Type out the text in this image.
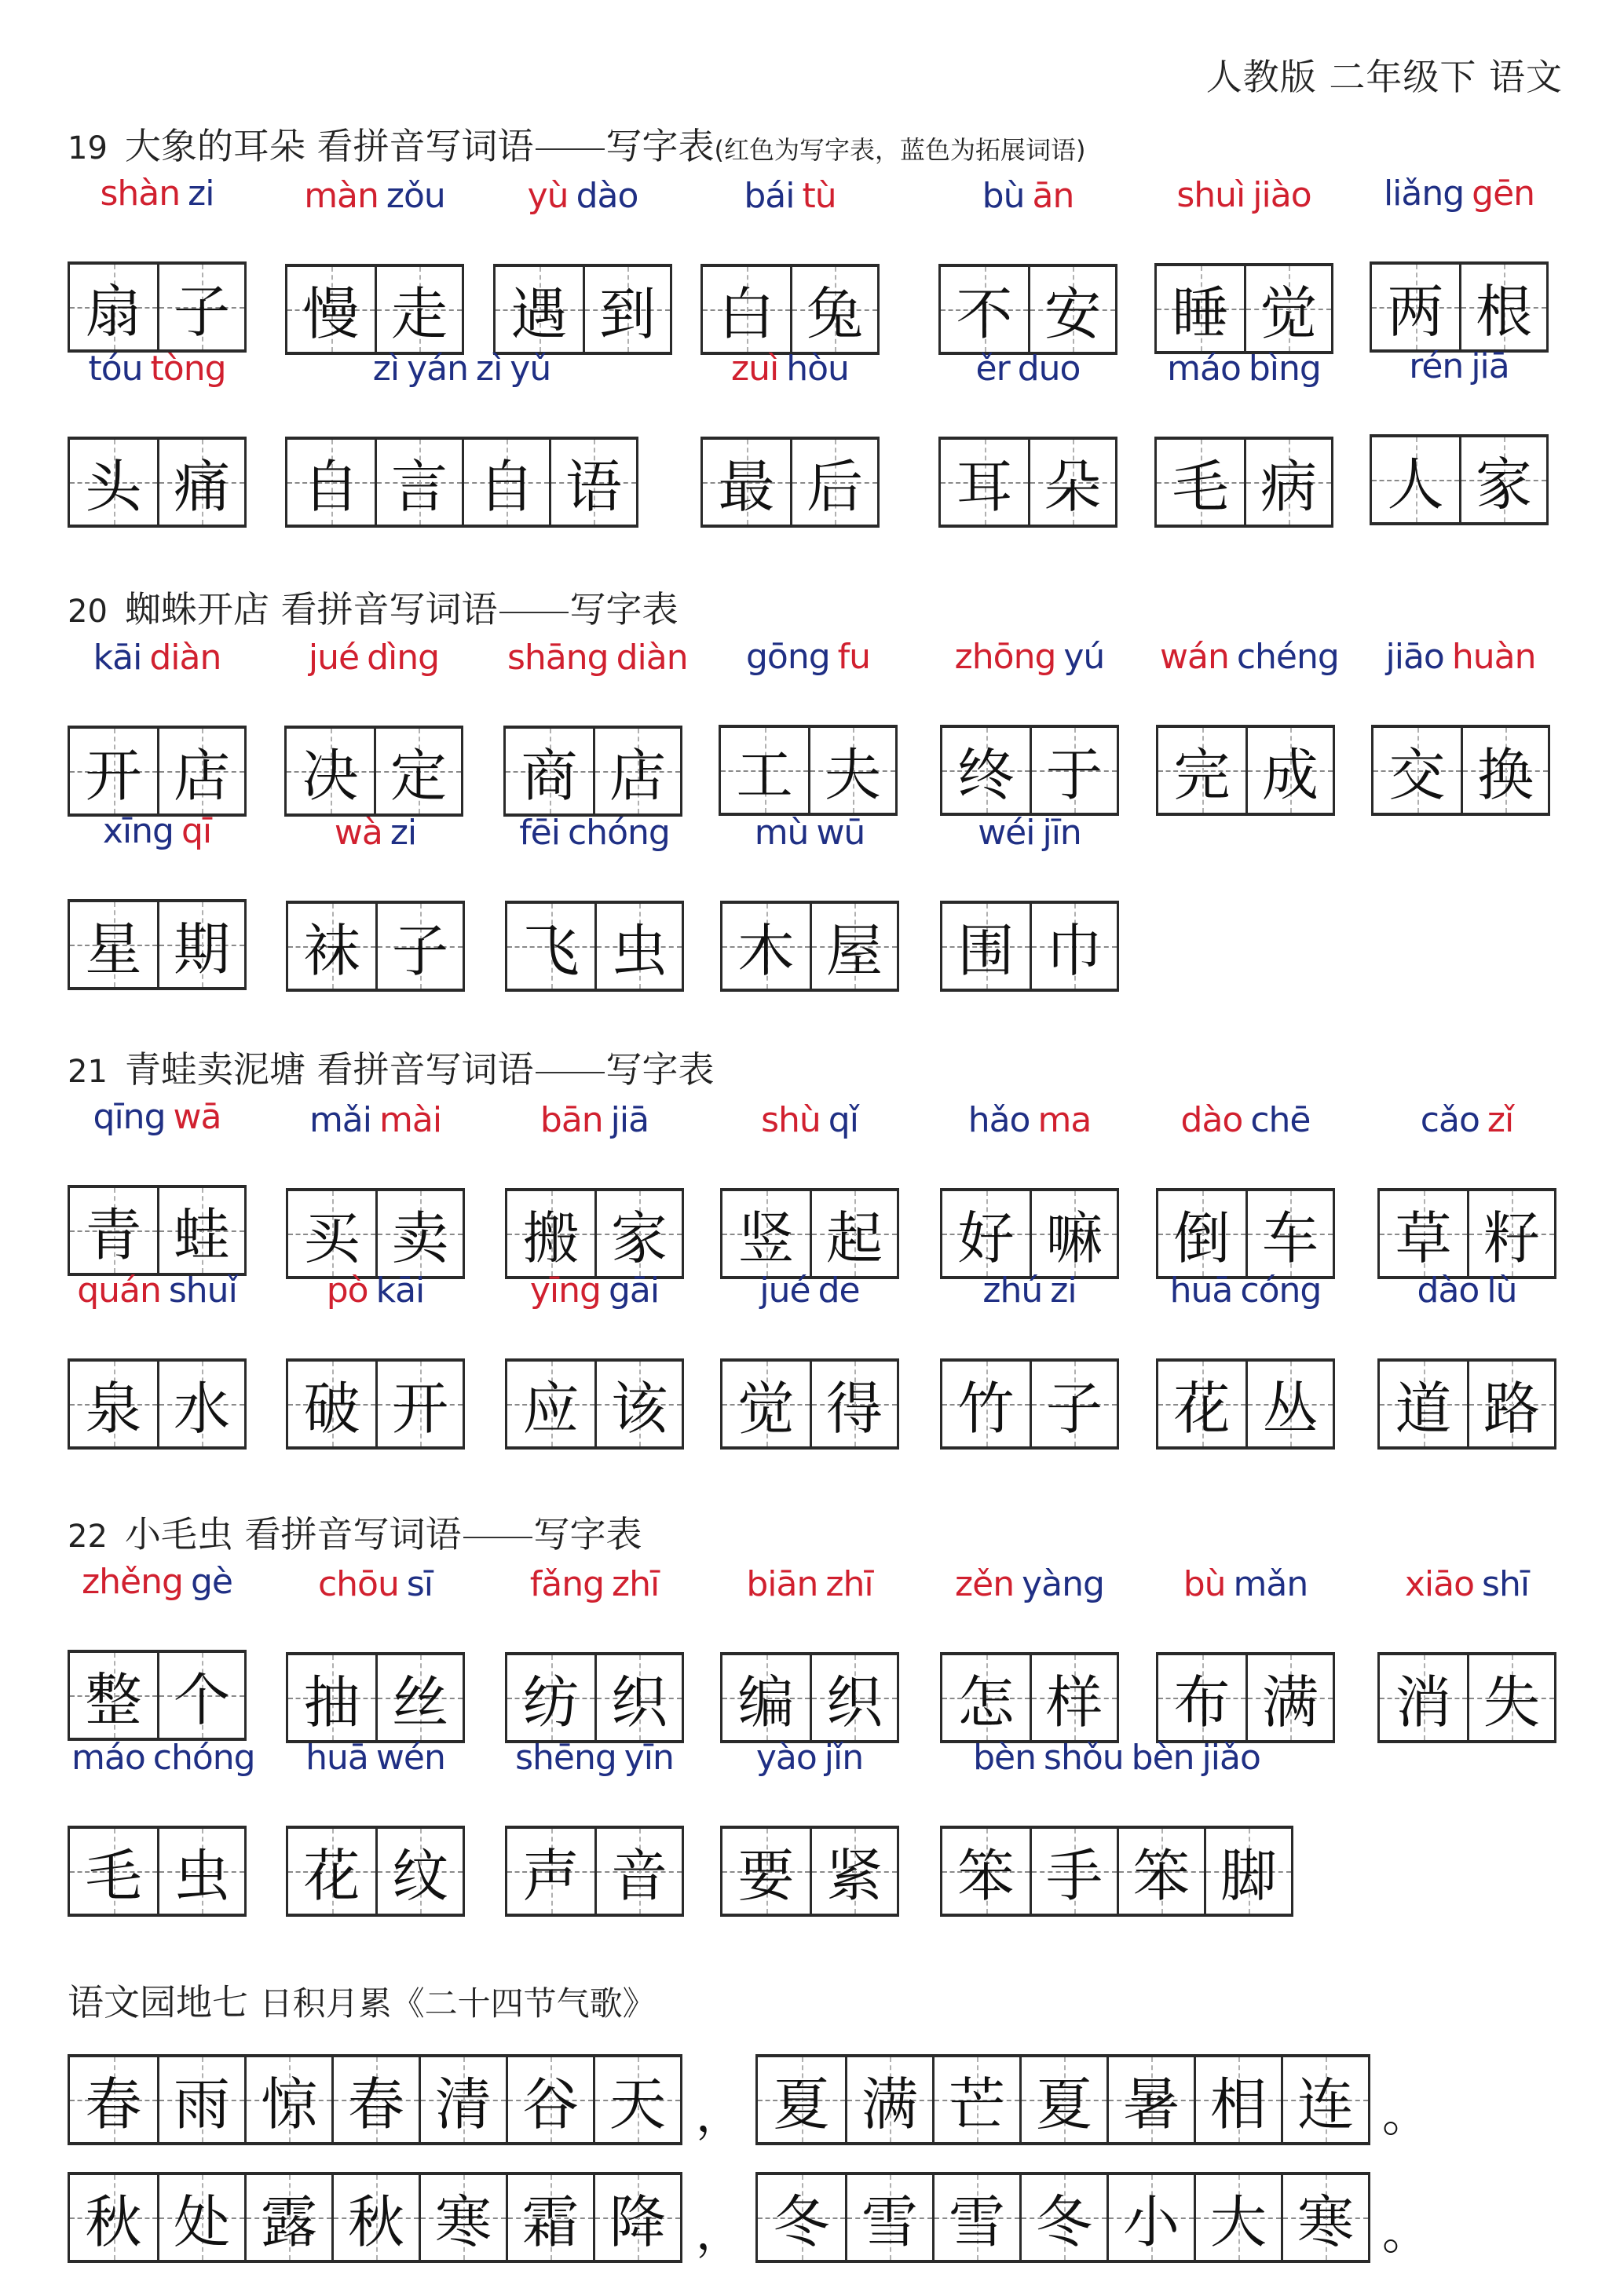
人教版 二年级下 语文
19 大象的耳朵 看拼音写词语 写字表(红色为写字表，蓝色为拓展词语)
20 蜘蛛开店 看拼音写词语 写字表
21 青蛙卖泥塘 看拼音写词语 写字表
22 小毛虫 看拼音写词语 写字表
语文园地七 日积月累《二十四节气歌》
shàn zi
扇 子
màn zǒu
慢 走
yù dào
遇 到
bái tù
白 兔
bù ān
不 安
shuì jiào
睡 觉
liǎng gēn
两 根
tóu tòng
头 痛
zì yán zì yǔ
自 言 自 语
zuì hòu
最 后
ěr duo
耳 朵
máo bìng
毛 病
rén jiā
人 家
kāi diàn
开 店
jué dìng
决 定
shāng diàn
商 店
gōng fu
工 夫
zhōng yú
终 于
wán chéng
完 成
jiāo huàn
交 换
xīng qī
星 期
wà zi
袜 子
fēi chóng
飞 虫
mù wū
木 屋
wéi jīn
围 巾
qīng wā
青 蛙
mǎi mài
买 卖
bān jiā
搬 家
shù qǐ
竖 起
hǎo ma
好 嘛
dào chē
倒 车
cǎo zǐ
草 籽
quán shuǐ
泉 水
pò kāi
破 开
yīng gāi
应 该
jué de
觉 得
zhú zi
竹 子
huā cóng
花 丛
dào lù
道 路
zhěng gè
整 个
chōu sī
抽 丝
fǎng zhī
纺 织
biān zhī
编 织
zěn yàng
怎 样
bù mǎn
布 满
xiāo shī
消 失
máo chóng
毛 虫
huā wén
花 纹
shēng yīn
声 音
yào jǐn
要 紧
bèn shǒu bèn jiǎo
笨 手 笨 脚
春 雨 惊 春 清 谷 天 夏 满 芒 夏 暑 相 连
，	。
秋 处 露 秋 寒 霜 降 冬 雪 雪 冬 小 大 寒
，	。
